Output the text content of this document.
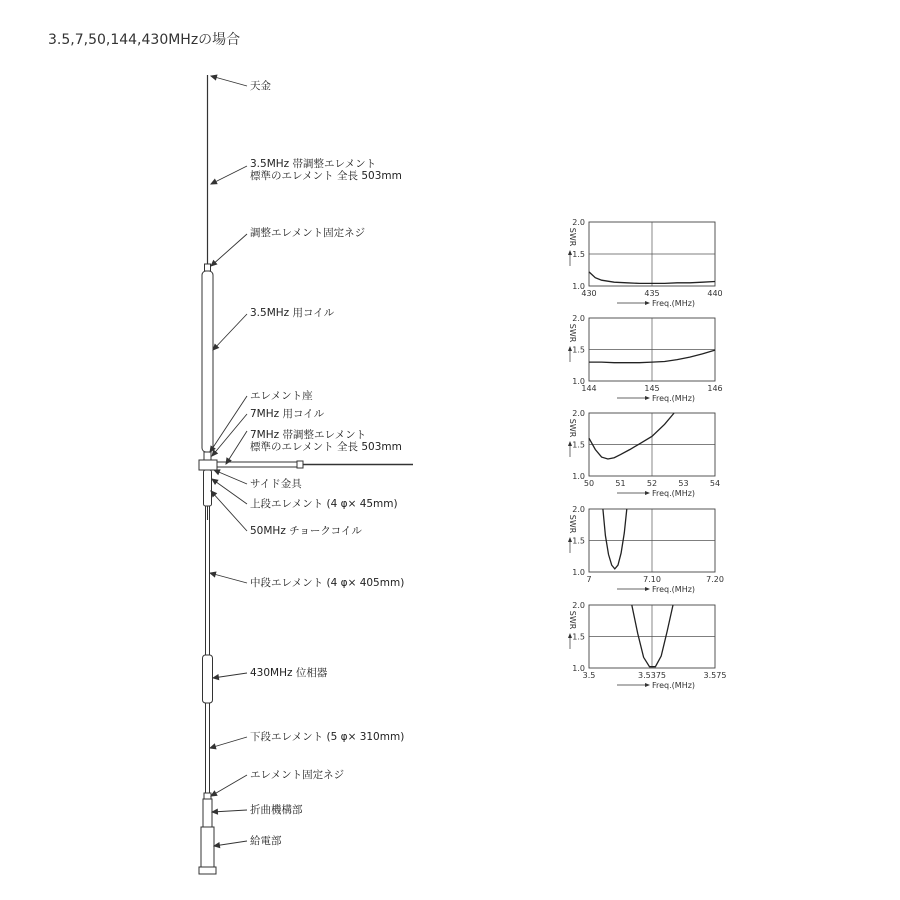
3.5,7,50,144,430MHzの場合
天金
3.5MHz 帯調整エレメント
標準のエレメント 全長 503mm
調整エレメント固定ネジ
3.5MHz 用コイル
エレメント座
7MHz 用コイル
7MHz 帯調整エレメント
標準のエレメント 全長 503mm
サイド金具
上段エレメント (4 φ× 45mm)
50MHz チョークコイル
中段エレメント (4 φ× 405mm)
430MHz 位相器
下段エレメント (5 φ× 310mm)
エレメント固定ネジ
折曲機構部
給電部
2.0
1.5
1.0
430	435	440
SWR
Freq.(MHz)
2.0
1.5
1.0
144	145	146
SWR
Freq.(MHz)
2.0
1.5
1.0
50	51	52	53	54
SWR
Freq.(MHz)
2.0
1.5
1.0
7	7.10	7.20
SWR
Freq.(MHz)
2.0
1.5
1.0
3.5	3.5375	3.575
SWR
Freq.(MHz)
